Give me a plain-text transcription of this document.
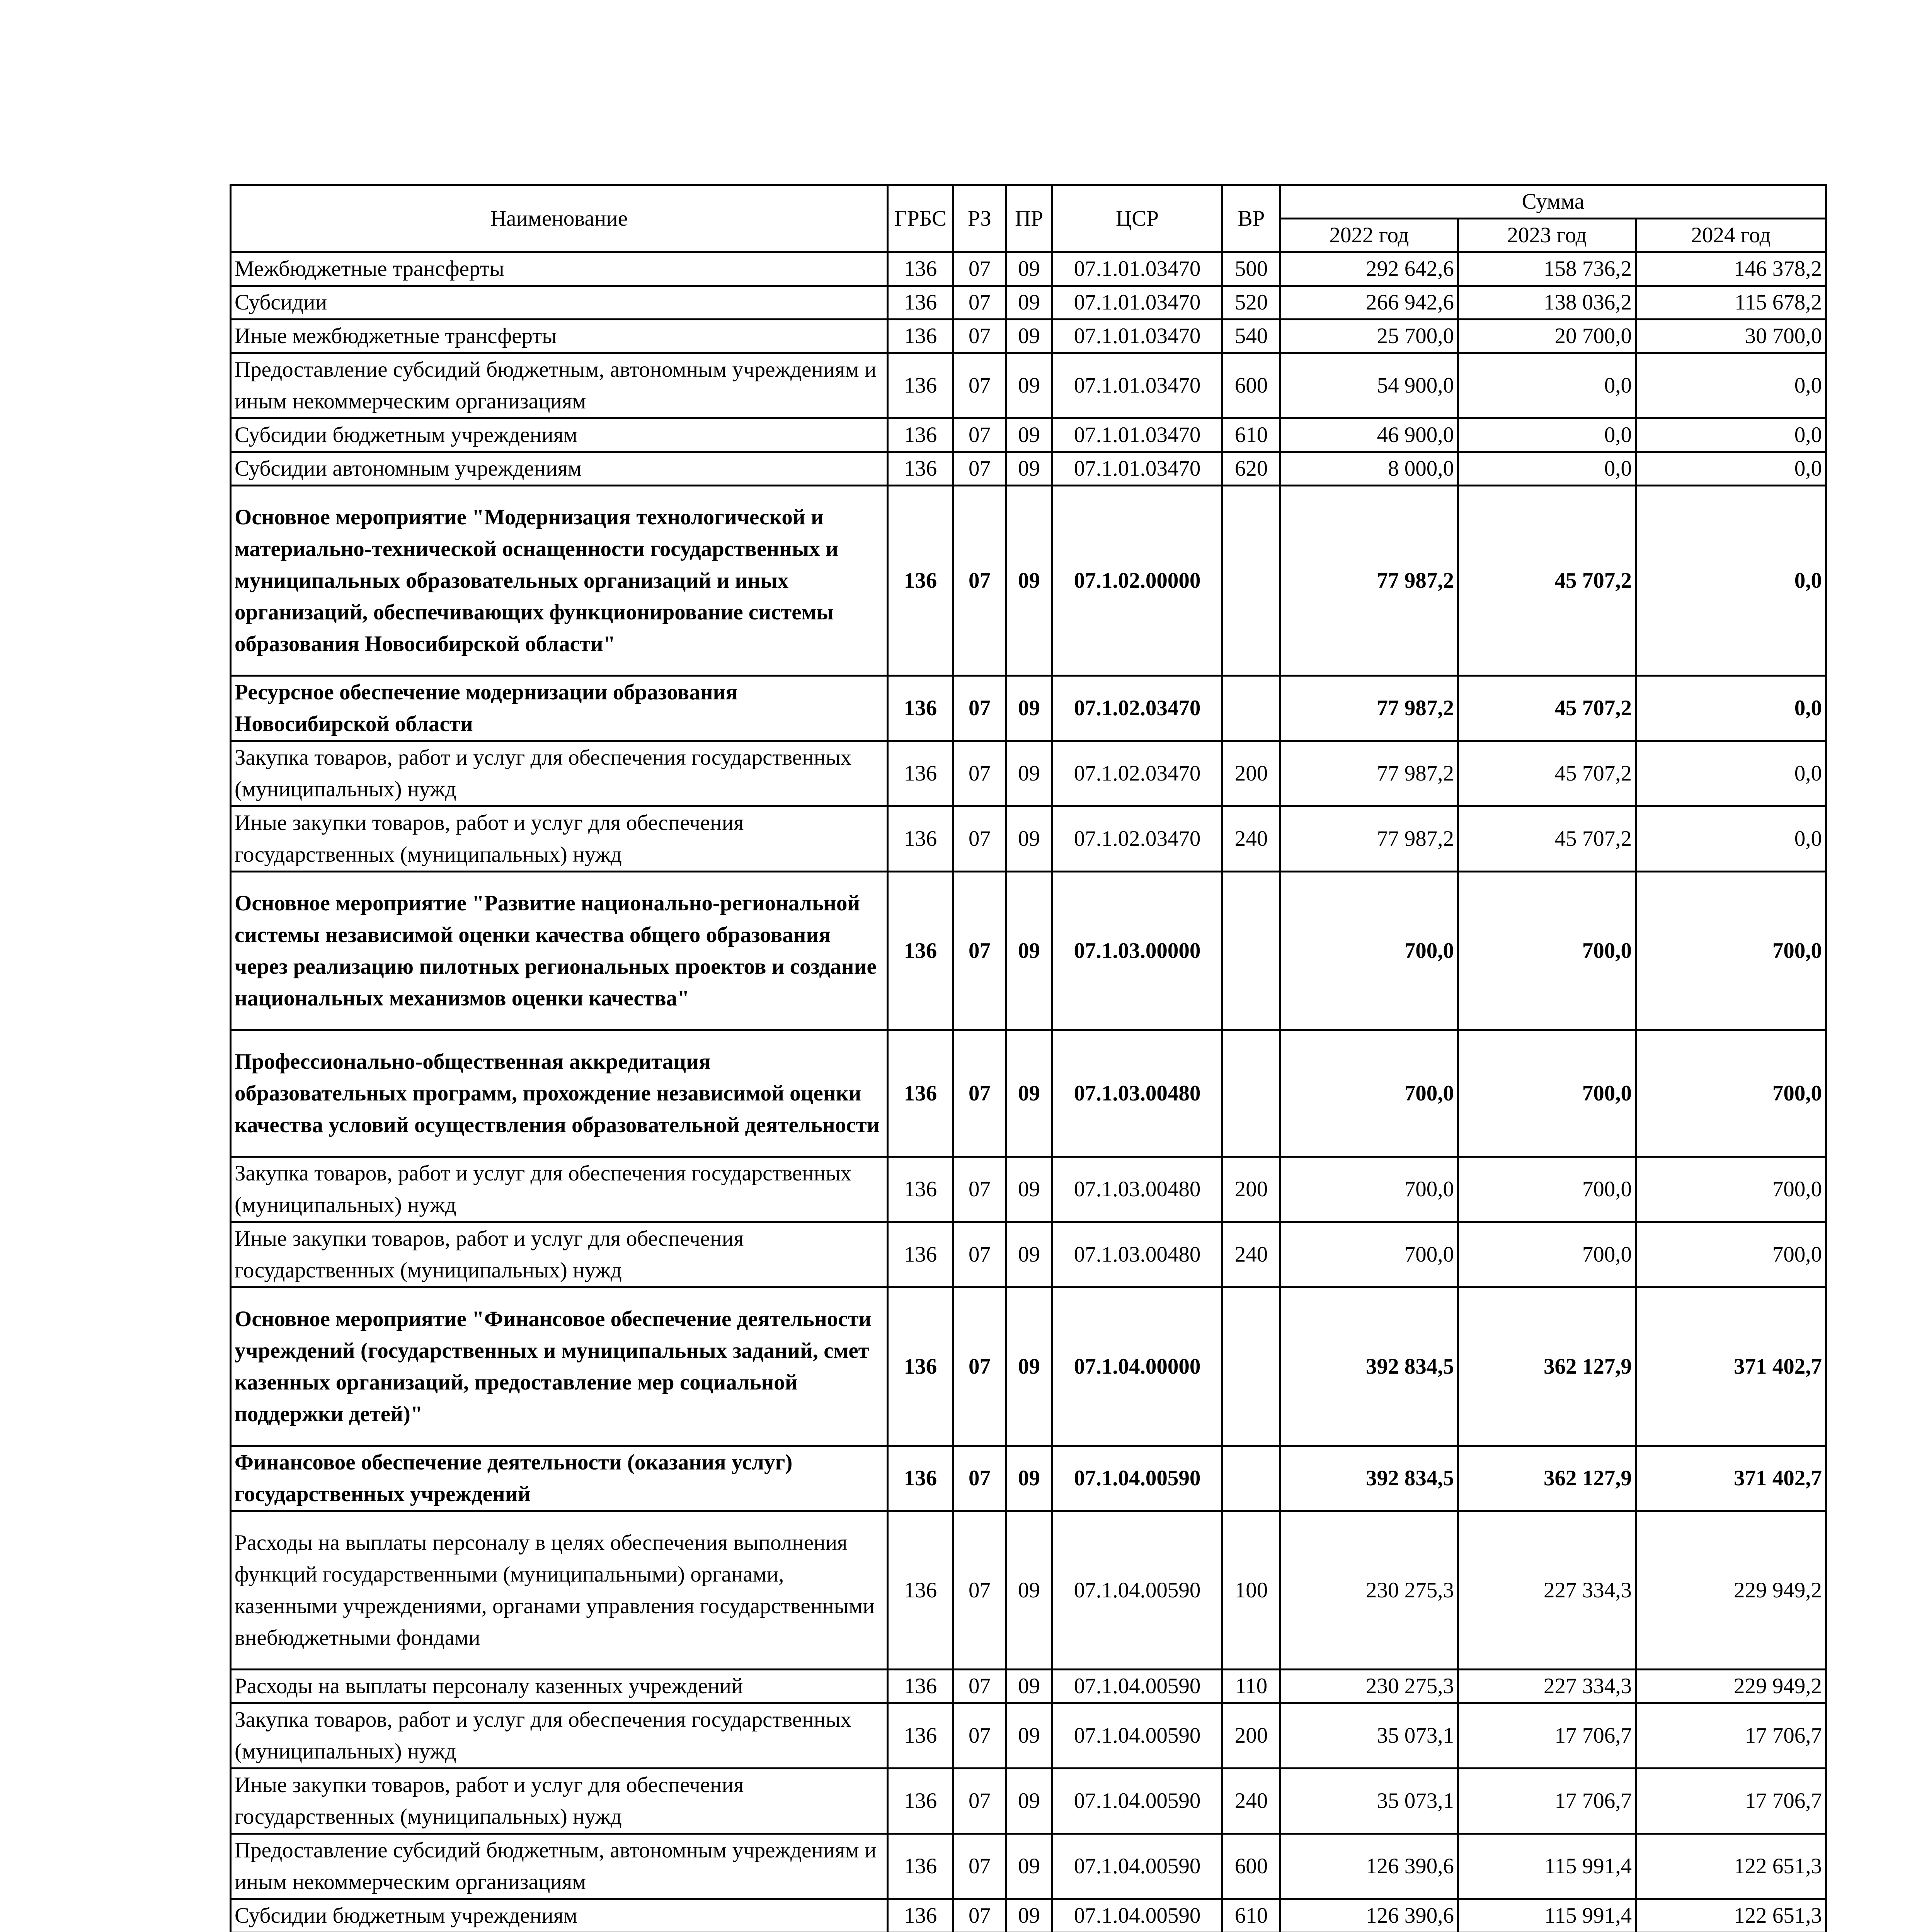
Наименование	ГРБС	РЗ	ПР	ЦСР	ВР	Сумма		
						2022 год	2023 год	2024 год
Межбюджетные трансферты	136	07	09	07.1.01.03470	500	292 642,6	158 736,2	146 378,2
Субсидии	136	07	09	07.1.01.03470	520	266 942,6	138 036,2	115 678,2
Иные межбюджетные трансферты	136	07	09	07.1.01.03470	540	25 700,0	20 700,0	30 700,0
Предоставление субсидий бюджетным, автономным учреждениям и иным некоммерческим организациям	136	07	09	07.1.01.03470	600	54 900,0	0,0	0,0
Субсидии бюджетным учреждениям	136	07	09	07.1.01.03470	610	46 900,0	0,0	0,0
Субсидии автономным учреждениям	136	07	09	07.1.01.03470	620	8 000,0	0,0	0,0
Основное мероприятие "Модернизация технологической и материально-технической оснащенности государственных и муниципальных образовательных организаций и иных организаций, обеспечивающих функционирование системы образования Новосибирской области"	136	07	09	07.1.02.00000		77 987,2	45 707,2	0,0
Ресурсное обеспечение модернизации образования Новосибирской области	136	07	09	07.1.02.03470		77 987,2	45 707,2	0,0
Закупка товаров, работ и услуг для обеспечения государственных (муниципальных) нужд	136	07	09	07.1.02.03470	200	77 987,2	45 707,2	0,0
Иные закупки товаров, работ и услуг для обеспечения государственных (муниципальных) нужд	136	07	09	07.1.02.03470	240	77 987,2	45 707,2	0,0
Основное мероприятие "Развитие национально-региональной системы независимой оценки качества общего образования через реализацию пилотных региональных проектов и создание национальных механизмов оценки качества"	136	07	09	07.1.03.00000		700,0	700,0	700,0
Профессионально-общественная аккредитация образовательных программ, прохождение независимой оценки качества условий осуществления образовательной деятельности	136	07	09	07.1.03.00480		700,0	700,0	700,0
Закупка товаров, работ и услуг для обеспечения государственных (муниципальных) нужд	136	07	09	07.1.03.00480	200	700,0	700,0	700,0
Иные закупки товаров, работ и услуг для обеспечения государственных (муниципальных) нужд	136	07	09	07.1.03.00480	240	700,0	700,0	700,0
Основное мероприятие "Финансовое обеспечение деятельности учреждений (государственных и муниципальных заданий, смет казенных организаций, предоставление мер социальной поддержки детей)"	136	07	09	07.1.04.00000		392 834,5	362 127,9	371 402,7
Финансовое обеспечение деятельности (оказания услуг) государственных учреждений	136	07	09	07.1.04.00590		392 834,5	362 127,9	371 402,7
Расходы на выплаты персоналу в целях обеспечения выполнения функций государственными (муниципальными) органами, казенными учреждениями, органами управления государственными внебюджетными фондами	136	07	09	07.1.04.00590	100	230 275,3	227 334,3	229 949,2
Расходы на выплаты персоналу казенных учреждений	136	07	09	07.1.04.00590	110	230 275,3	227 334,3	229 949,2
Закупка товаров, работ и услуг для обеспечения государственных (муниципальных) нужд	136	07	09	07.1.04.00590	200	35 073,1	17 706,7	17 706,7
Иные закупки товаров, работ и услуг для обеспечения государственных (муниципальных) нужд	136	07	09	07.1.04.00590	240	35 073,1	17 706,7	17 706,7
Предоставление субсидий бюджетным, автономным учреждениям и иным некоммерческим организациям	136	07	09	07.1.04.00590	600	126 390,6	115 991,4	122 651,3
Субсидии бюджетным учреждениям	136	07	09	07.1.04.00590	610	126 390,6	115 991,4	122 651,3
